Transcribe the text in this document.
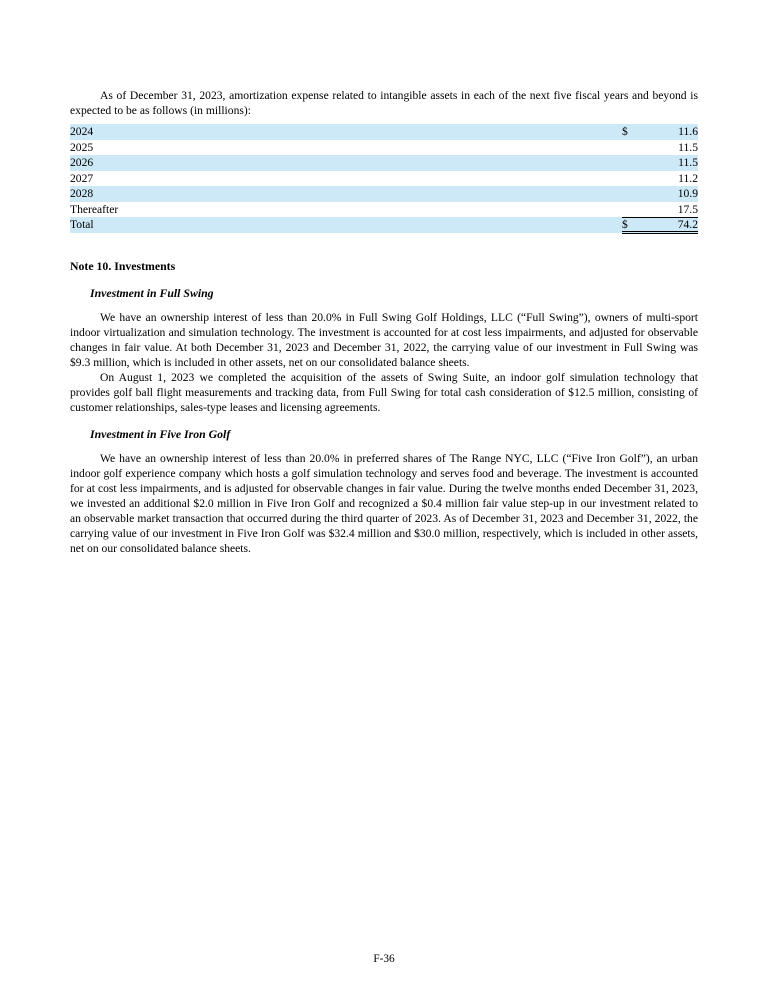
As of December 31, 2023, amortization expense related to intangible assets in each of the next five fiscal years and beyond is expected to be as follows (in millions):

2024	$	11.6
2025		11.5
2026		11.5
2027		11.2
2028		10.9
Thereafter		17.5
Total	$	74.2
Note 10. Investments
Investment in Full Swing

We have an ownership interest of less than 20.0% in Full Swing Golf Holdings, LLC (“Full Swing”), owners of multi-sport indoor virtualization and simulation technology. The investment is accounted for at cost less impairments, and adjusted for observable changes in fair value. At both December 31, 2023 and December 31, 2022, the carrying value of our investment in Full Swing was $9.3 million, which is included in other assets, net on our consolidated balance sheets.

On August 1, 2023 we completed the acquisition of the assets of Swing Suite, an indoor golf simulation technology that provides golf ball flight measurements and tracking data, from Full Swing for total cash consideration of $12.5 million, consisting of customer relationships, sales-type leases and licensing agreements.

Investment in Five Iron Golf

We have an ownership interest of less than 20.0% in preferred shares of The Range NYC, LLC (“Five Iron Golf”), an urban indoor golf experience company which hosts a golf simulation technology and serves food and beverage. The investment is accounted for at cost less impairments, and is adjusted for observable changes in fair value. During the twelve months ended December 31, 2023, we invested an additional $2.0 million in Five Iron Golf and recognized a $0.4 million fair value step-up in our investment related to an observable market transaction that occurred during the third quarter of 2023. As of December 31, 2023 and December 31, 2022, the carrying value of our investment in Five Iron Golf was $32.4 million and $30.0 million, respectively, which is included in other assets, net on our consolidated balance sheets.

F-36
